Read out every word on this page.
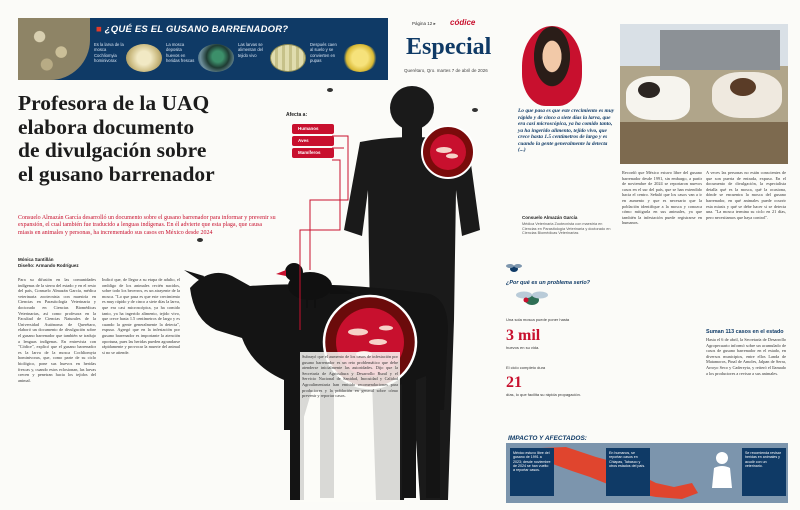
■ ¿QUÉ ES EL GUSANO BARRENADOR?
Es la larva de la mosca Cochliomyia hominivorax
La mosca deposita huevos en heridas frescas
Las larvas se alimentan del tejido vivo
Después caen al suelo y se convierten en pupas
Página 12 ▸ códice
Especial
Querétaro, Qro. martes 7 de abril de 2026
Profesora de la UAQ
elabora documento
de divulgación sobre
el gusano barrenador
Consuelo Almazán García desarrolló un documento sobre el gusano barrenador para informar y prevenir su expansión, el cual también fue traducido a lenguas indígenas. En él advierte que esta plaga, que causa miasis en animales y personas, ha incrementado sus casos en México desde 2024
Mónica Santillán
Diseño: Armando Rodríguez
Para su difusión en las comunidades indígenas de la sierra del estado y en el resto del país, Consuelo Almazán García, médica veterinaria zootecnista con maestría en Ciencias en Parasitología Veterinaria y doctorado en Ciencias Biomédicas Veterinarias, así como profesora en la Facultad de Ciencias Naturales de la Universidad Autónoma de Querétaro, elaboró un documento de divulgación sobre el gusano barrenador que también se tradujo a lenguas indígenas. En entrevista con "Códice", explicó que el gusano barrenador es la larva de la mosca Cochliomyia hominivorax, que, como parte de su ciclo biológico, pone sus huevos en heridas frescas y, cuando estos eclosionan, las larvas crecen y penetran hacia los tejidos del animal.
Indicó que, de llegar a su etapa de adulto, el ombligo de los animales recién nacidos, sobre todo los becerros, es un atrayente de la mosca. "Lo que pasa es que este crecimiento es muy rápido y de cinco a siete días la larva, que era casi microscópica, ya ha comido tanto, ya ha ingerido alimento, tejido vivo, que crece hasta 1.5 centímetros de largo y es cuando la gente generalmente la detecta", expuso. Agregó que en la infestación por gusano barrenador es importante la atención oportuna, pues las heridas pueden agrandarse rápidamente y provocar la muerte del animal si no se atiende.
Afecta a:
Humanos
Aves
Mamíferos
Subrayó que el aumento de los casos de infestación por gusano barrenador es un reto problemático que debe atenderse inicialmente las autoridades. Dijo que la Secretaría de Agricultura y Desarrollo Rural y el Servicio Nacional de Sanidad, Inocuidad y Calidad Agroalimentaria han emitido recomendaciones para productores y la población en general sobre cómo prevenir y reportar casos.
Lo que pasa es que este crecimiento es muy rápido y de cinco a siete días la larva, que era casi microscópica, ya ha comido tanto, ya ha ingerido alimento, tejido vivo, que crece hasta 1.5 centímetros de largo y es cuando la gente generalmente la detecta (...)
Consuelo Almazán García
Médica Veterinaria Zootecnista con maestría en Ciencias en Parasitología Veterinaria y doctorado en Ciencias Biomédicas Veterinarias
Recordó que México estuvo libre del gusano barrenador desde 1991, sin embargo, a partir de noviembre de 2024 se reportaron nuevos casos en el sur del país, que se han extendido hacia el centro. Señaló que los casos van a ir en aumento y que es necesario que la población identifique a la mosca y conozca cómo mitigarla en sus animales, ya que también la infestación puede registrarse en humanos.
A veces las personas no están conscientes de que son puerta de entrada, expuso. En el documento de divulgación, la especialista detalla qué es la mosca, qué la ocasiona, dónde se encuentra la mosca del gusano barrenador, en qué animales puede ocurrir esta miasis y qué se debe hacer si se detecta una. "La mosca termina su ciclo en 21 días, pero necesitamos que haya control".
¿Por qué es un problema serio?
Una sola mosca puede poner hasta
3 mil
huevos en su vida.
El ciclo completo dura
21
días, lo que facilita su rápida propagación.
Suman 113 casos en el estado
Hasta el 6 de abril, la Secretaría de Desarrollo Agropecuario informó sobre un acumulado de casos de gusano barrenador en el estado, en diversos municipios, entre ellos Landa de Matamoros, Pinal de Amoles, Jalpan de Serra, Arroyo Seco y Cadereyta, y reiteró el llamado a los productores a revisar a sus animales.
IMPACTO Y AFECTADOS:
México estuvo libre del gusano de 1991 a 2023; desde noviembre de 2024 se han vuelto a reportar casos.
En humanos, se reportan casos en Chiapas, Tabasco y otros estados del país.
Se recomienda revisar heridas en animales y acudir con un veterinario.
